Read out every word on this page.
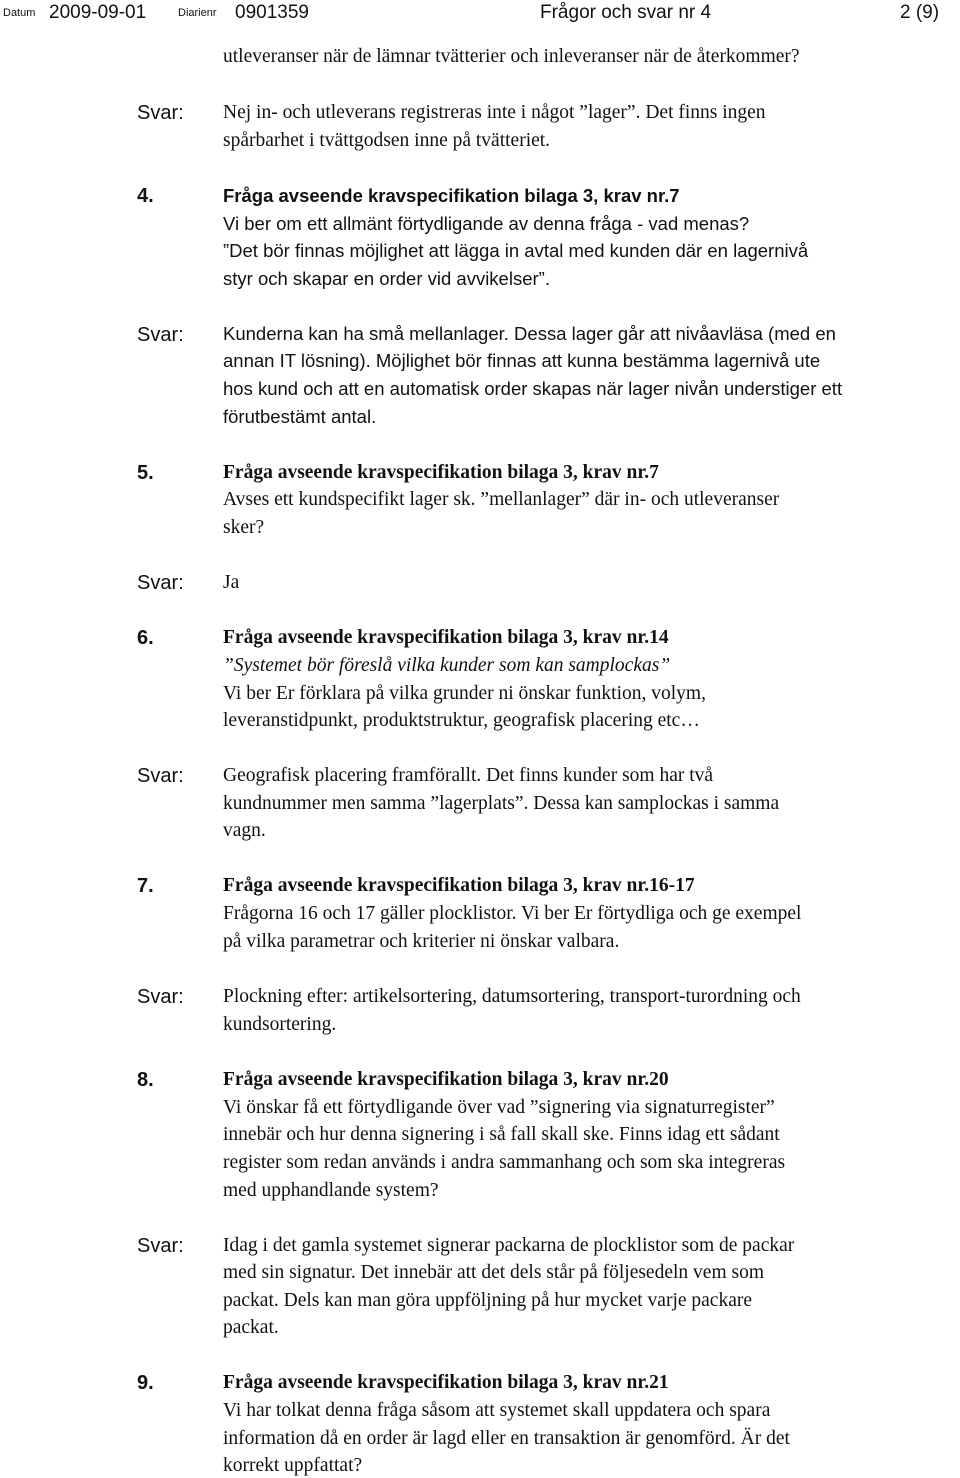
Datum 2009-09-01	Diarienr 0901359	Frågor och svar nr 4	2 (9)
utleveranser när de lämnar tvätterier och inleveranser när de återkommer?
Svar: Nej in- och utleverans registreras inte i något ”lager”. Det finns ingen
spårbarhet i tvättgodsen inne på tvätteriet.
4.	Fråga avseende kravspecifikation bilaga 3, krav nr.7
Vi ber om ett allmänt förtydligande av denna fråga - vad menas?
”Det bör finnas möjlighet att lägga in avtal med kunden där en lagernivå
styr och skapar en order vid avvikelser”.
Svar: Kunderna kan ha små mellanlager. Dessa lager går att nivåavläsa (med en
annan IT lösning). Möjlighet bör finnas att kunna bestämma lagernivå ute
hos kund och att en automatisk order skapas när lager nivån understiger ett
förutbestämt antal.
5.	Fråga avseende kravspecifikation bilaga 3, krav nr.7
Avses ett kundspecifikt lager sk. ”mellanlager” där in- och utleveranser
sker?
Svar: Ja
6.	Fråga avseende kravspecifikation bilaga 3, krav nr.14
”Systemet bör föreslå vilka kunder som kan samplockas”
Vi ber Er förklara på vilka grunder ni önskar funktion, volym,
leveranstidpunkt, produktstruktur, geografisk placering etc…
Svar: Geografisk placering framförallt. Det finns kunder som har två
kundnummer men samma ”lagerplats”. Dessa kan samplockas i samma
vagn.
7.	Fråga avseende kravspecifikation bilaga 3, krav nr.16-17
Frågorna 16 och 17 gäller plocklistor. Vi ber Er förtydliga och ge exempel
på vilka parametrar och kriterier ni önskar valbara.
Svar: Plockning efter: artikelsortering, datumsortering, transport-turordning och
kundsortering.
8.	Fråga avseende kravspecifikation bilaga 3, krav nr.20
Vi önskar få ett förtydligande över vad ”signering via signaturregister”
innebär och hur denna signering i så fall skall ske. Finns idag ett sådant
register som redan används i andra sammanhang och som ska integreras
med upphandlande system?
Svar: Idag i det gamla systemet signerar packarna de plocklistor som de packar
med sin signatur. Det innebär att det dels står på följesedeln vem som
packat. Dels kan man göra uppföljning på hur mycket varje packare
packat.
9.	Fråga avseende kravspecifikation bilaga 3, krav nr.21
Vi har tolkat denna fråga såsom att systemet skall uppdatera och spara
information då en order är lagd eller en transaktion är genomförd. Är det
korrekt uppfattat?
